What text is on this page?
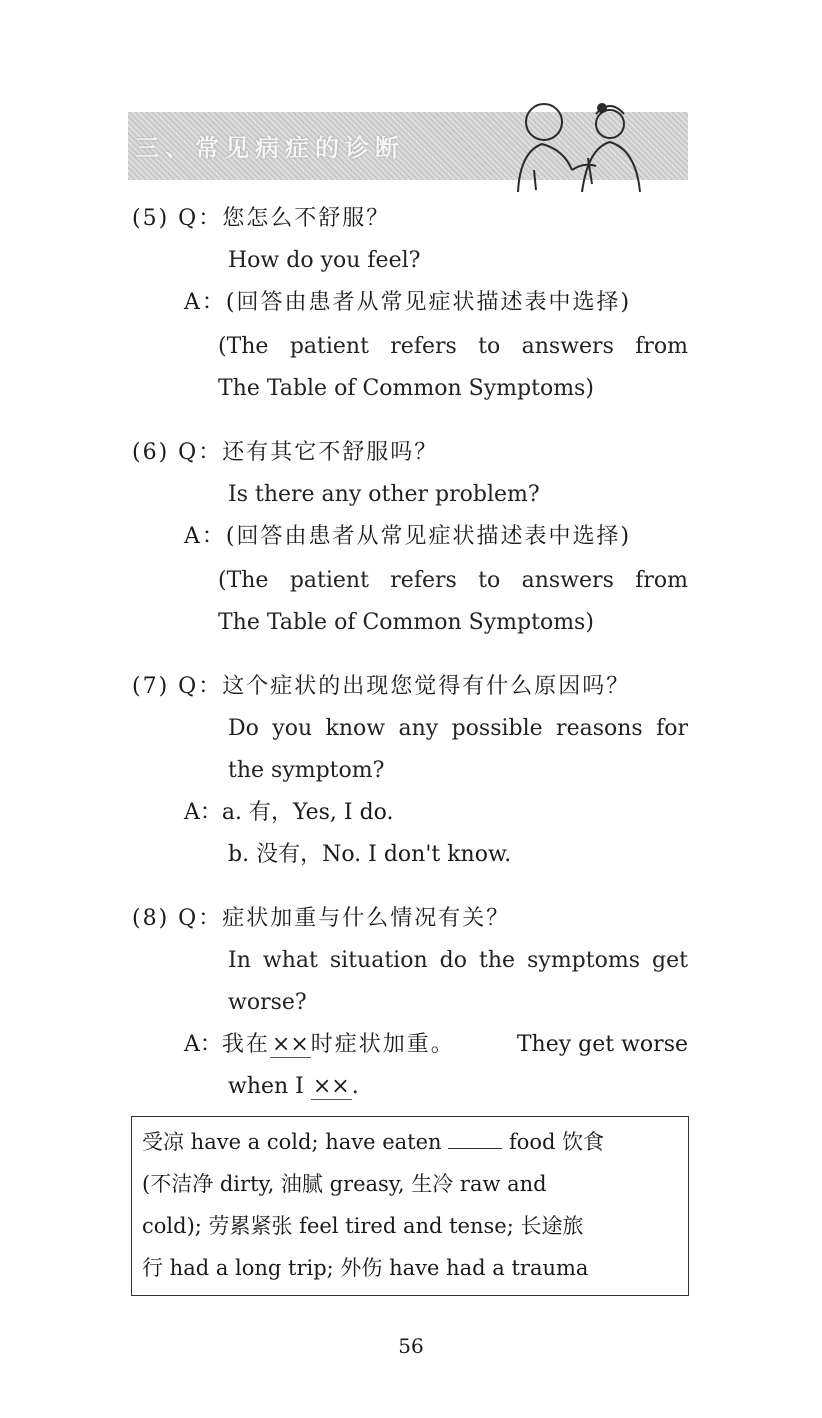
三、常见病症的诊断
(5) Q：您怎么不舒服？
How do you feel?
A：(回答由患者从常见症状描述表中选择)
(The patient refers to answers from
The Table of Common Symptoms)
(6) Q：还有其它不舒服吗？
Is there any other problem?
A：(回答由患者从常见症状描述表中选择)
(The patient refers to answers from
The Table of Common Symptoms)
(7) Q：这个症状的出现您觉得有什么原因吗？
Do you know any possible reasons for
the symptom?
A：a. 有，Yes, I do.
b. 没有，No. I don't know.
(8) Q：症状加重与什么情况有关？
In what situation do the symptoms get
worse?
A：我在××时症状加重。	They get worse
when I ××.
受凉 have a cold; have eaten	food 饮食
(不洁净 dirty, 油腻 greasy, 生冷 raw and
cold); 劳累紧张 feel tired and tense; 长途旅
行 had a long trip; 外伤 have had a trauma
56
